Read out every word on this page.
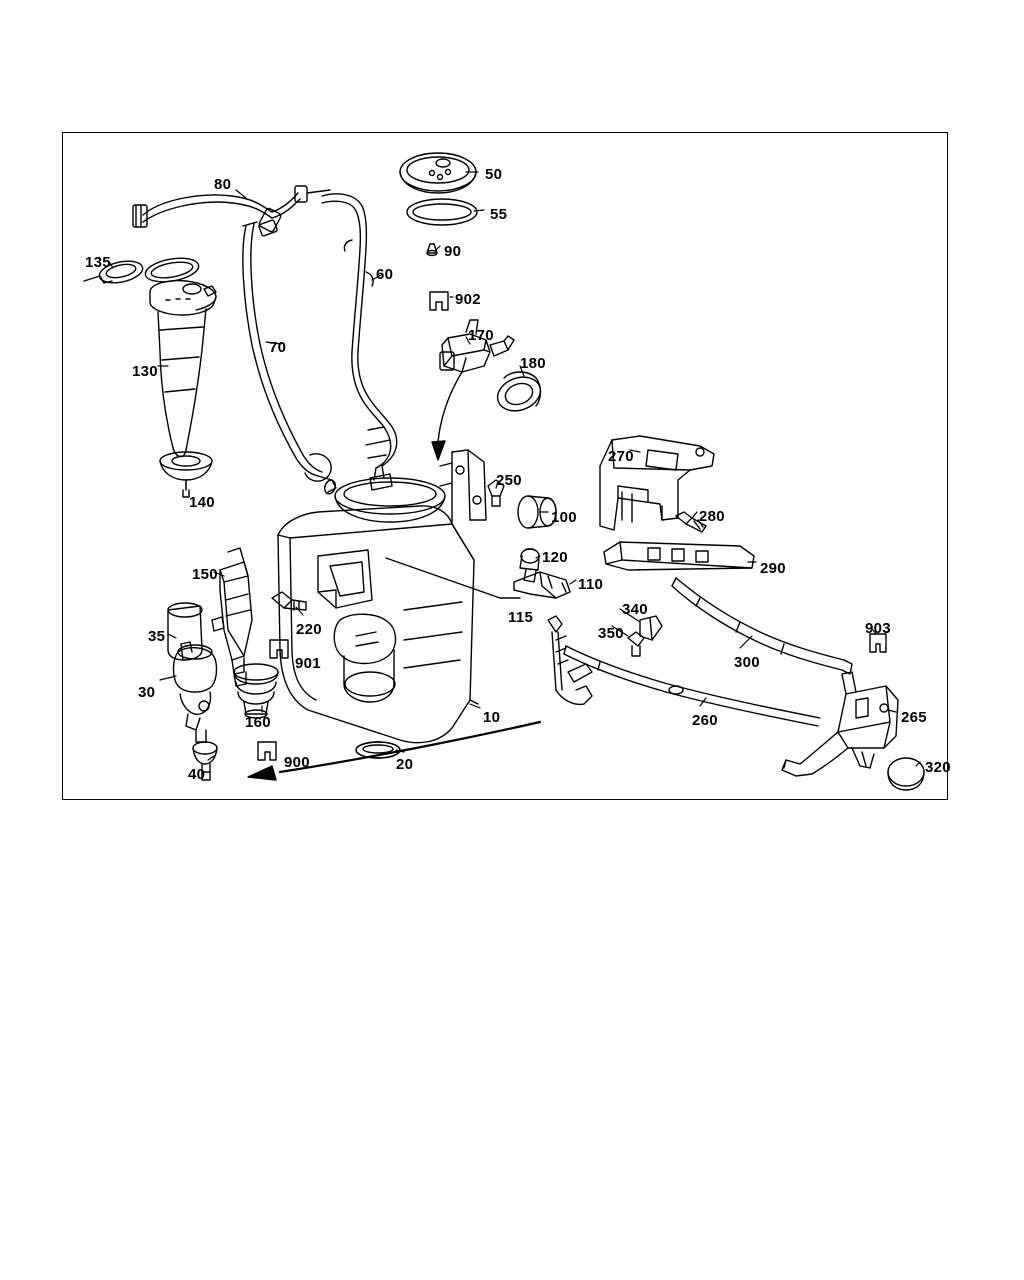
80
50
55
90
135
60
902
170
70
130	180
270
140
250
100	280
120
290
110
150
115	340
220
35	350	903
901	300
30
160	260	265
10
900
40
20	320
